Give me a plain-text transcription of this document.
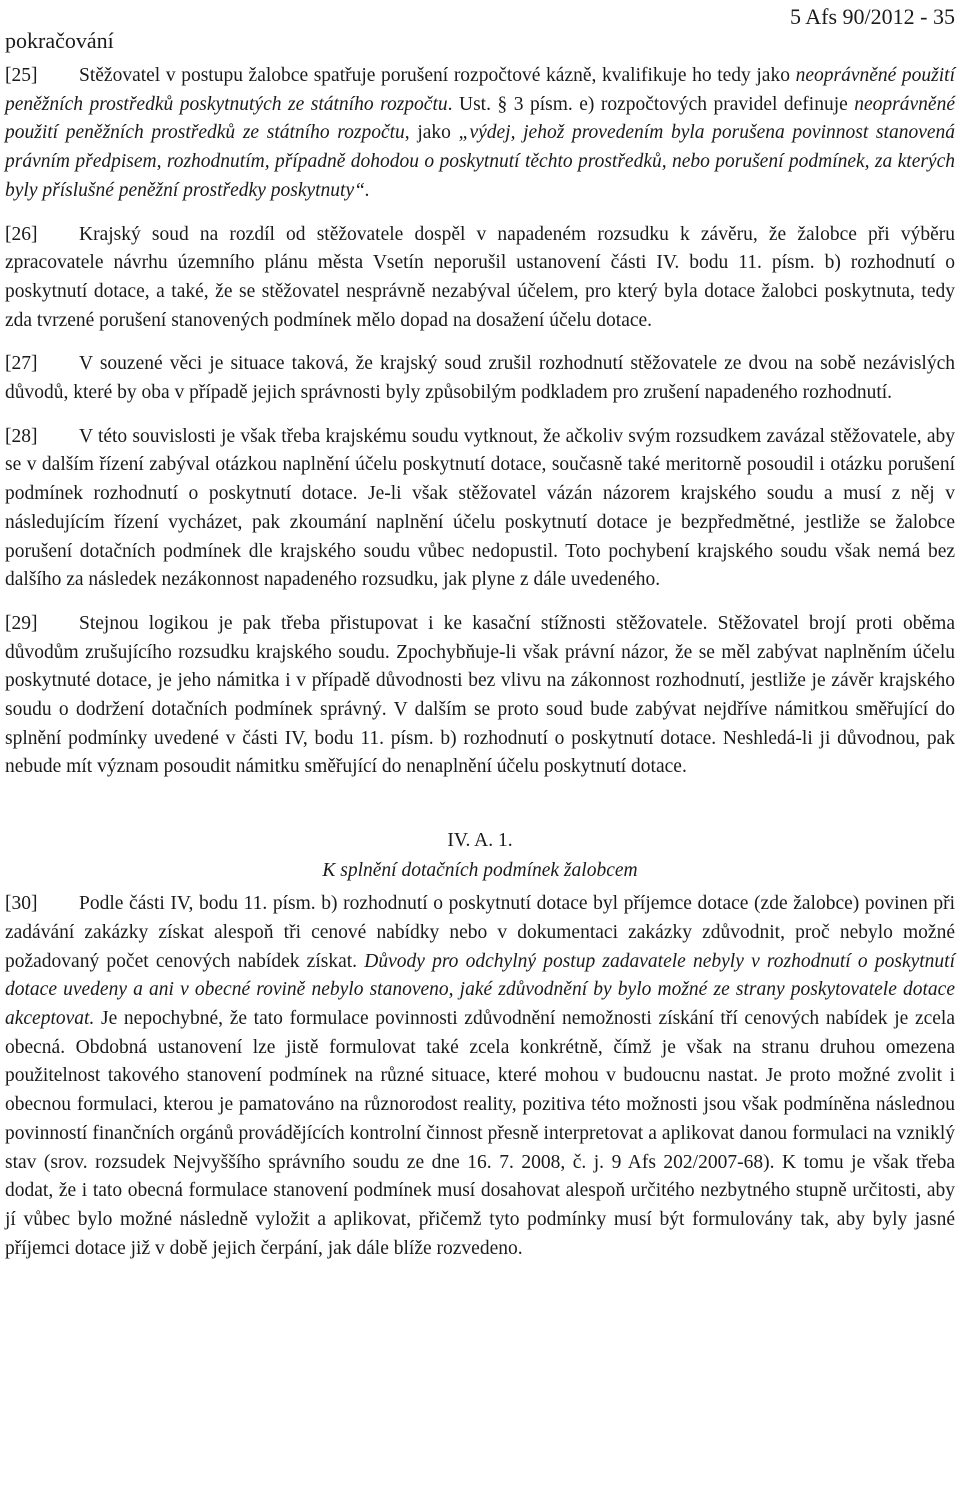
pokračování
5 Afs 90/2012 - 35

[25] Stěžovatel v postupu žalobce spatřuje porušení rozpočtové kázně, kvalifikuje ho tedy jako neoprávněné použití peněžních prostředků poskytnutých ze státního rozpočtu. Ust. § 3 písm. e) rozpočtových pravidel definuje neoprávněné použití peněžních prostředků ze státního rozpočtu, jako „výdej, jehož provedením byla porušena povinnost stanovená právním předpisem, rozhodnutím, případně dohodou o poskytnutí těchto prostředků, nebo porušení podmínek, za kterých byly příslušné peněžní prostředky poskytnuty“.

[26] Krajský soud na rozdíl od stěžovatele dospěl v napadeném rozsudku k závěru, že žalobce při výběru zpracovatele návrhu územního plánu města Vsetín neporušil ustanovení části IV. bodu 11. písm. b) rozhodnutí o poskytnutí dotace, a také, že se stěžovatel nesprávně nezabýval účelem, pro který byla dotace žalobci poskytnuta, tedy zda tvrzené porušení stanovených podmínek mělo dopad na dosažení účelu dotace.

[27] V souzené věci je situace taková, že krajský soud zrušil rozhodnutí stěžovatele ze dvou na sobě nezávislých důvodů, které by oba v případě jejich správnosti byly způsobilým podkladem pro zrušení napadeného rozhodnutí.

[28] V této souvislosti je však třeba krajskému soudu vytknout, že ačkoliv svým rozsudkem zavázal stěžovatele, aby se v dalším řízení zabýval otázkou naplnění účelu poskytnutí dotace, současně také meritorně posoudil i otázku porušení podmínek rozhodnutí o poskytnutí dotace. Je-li však stěžovatel vázán názorem krajského soudu a musí z něj v následujícím řízení vycházet, pak zkoumání naplnění účelu poskytnutí dotace je bezpředmětné, jestliže se žalobce porušení dotačních podmínek dle krajského soudu vůbec nedopustil. Toto pochybení krajského soudu však nemá bez dalšího za následek nezákonnost napadeného rozsudku, jak plyne z dále uvedeného.

[29] Stejnou logikou je pak třeba přistupovat i ke kasační stížnosti stěžovatele. Stěžovatel brojí proti oběma důvodům zrušujícího rozsudku krajského soudu. Zpochybňuje-li však právní názor, že se měl zabývat naplněním účelu poskytnuté dotace, je jeho námitka i v případě důvodnosti bez vlivu na zákonnost rozhodnutí, jestliže je závěr krajského soudu o dodržení dotačních podmínek správný. V dalším se proto soud bude zabývat nejdříve námitkou směřující do splnění podmínky uvedené v části IV, bodu 11. písm. b) rozhodnutí o poskytnutí dotace. Neshledá-li ji důvodnou, pak nebude mít význam posoudit námitku směřující do nenaplnění účelu poskytnutí dotace.

IV. A. 1.
K splnění dotačních podmínek žalobcem

[30] Podle části IV, bodu 11. písm. b) rozhodnutí o poskytnutí dotace byl příjemce dotace (zde žalobce) povinen při zadávání zakázky získat alespoň tři cenové nabídky nebo v dokumentaci zakázky zdůvodnit, proč nebylo možné požadovaný počet cenových nabídek získat. Důvody pro odchylný postup zadavatele nebyly v rozhodnutí o poskytnutí dotace uvedeny a ani v obecné rovině nebylo stanoveno, jaké zdůvodnění by bylo možné ze strany poskytovatele dotace akceptovat. Je nepochybné, že tato formulace povinnosti zdůvodnění nemožnosti získání tří cenových nabídek je zcela obecná. Obdobná ustanovení lze jistě formulovat také zcela konkrétně, čímž je však na stranu druhou omezena použitelnost takového stanovení podmínek na různé situace, které mohou v budoucnu nastat. Je proto možné zvolit i obecnou formulaci, kterou je pamatováno na různorodost reality, pozitiva této možnosti jsou však podmíněna následnou povinností finančních orgánů provádějících kontrolní činnost přesně interpretovat a aplikovat danou formulaci na vzniklý stav (srov. rozsudek Nejvyššího správního soudu ze dne 16. 7. 2008, č. j. 9 Afs 202/2007-68). K tomu je však třeba dodat, že i tato obecná formulace stanovení podmínek musí dosahovat alespoň určitého nezbytného stupně určitosti, aby jí vůbec bylo možné následně vyložit a aplikovat, přičemž tyto podmínky musí být formulovány tak, aby byly jasné příjemci dotace již v době jejich čerpání, jak dále blíže rozvedeno.
